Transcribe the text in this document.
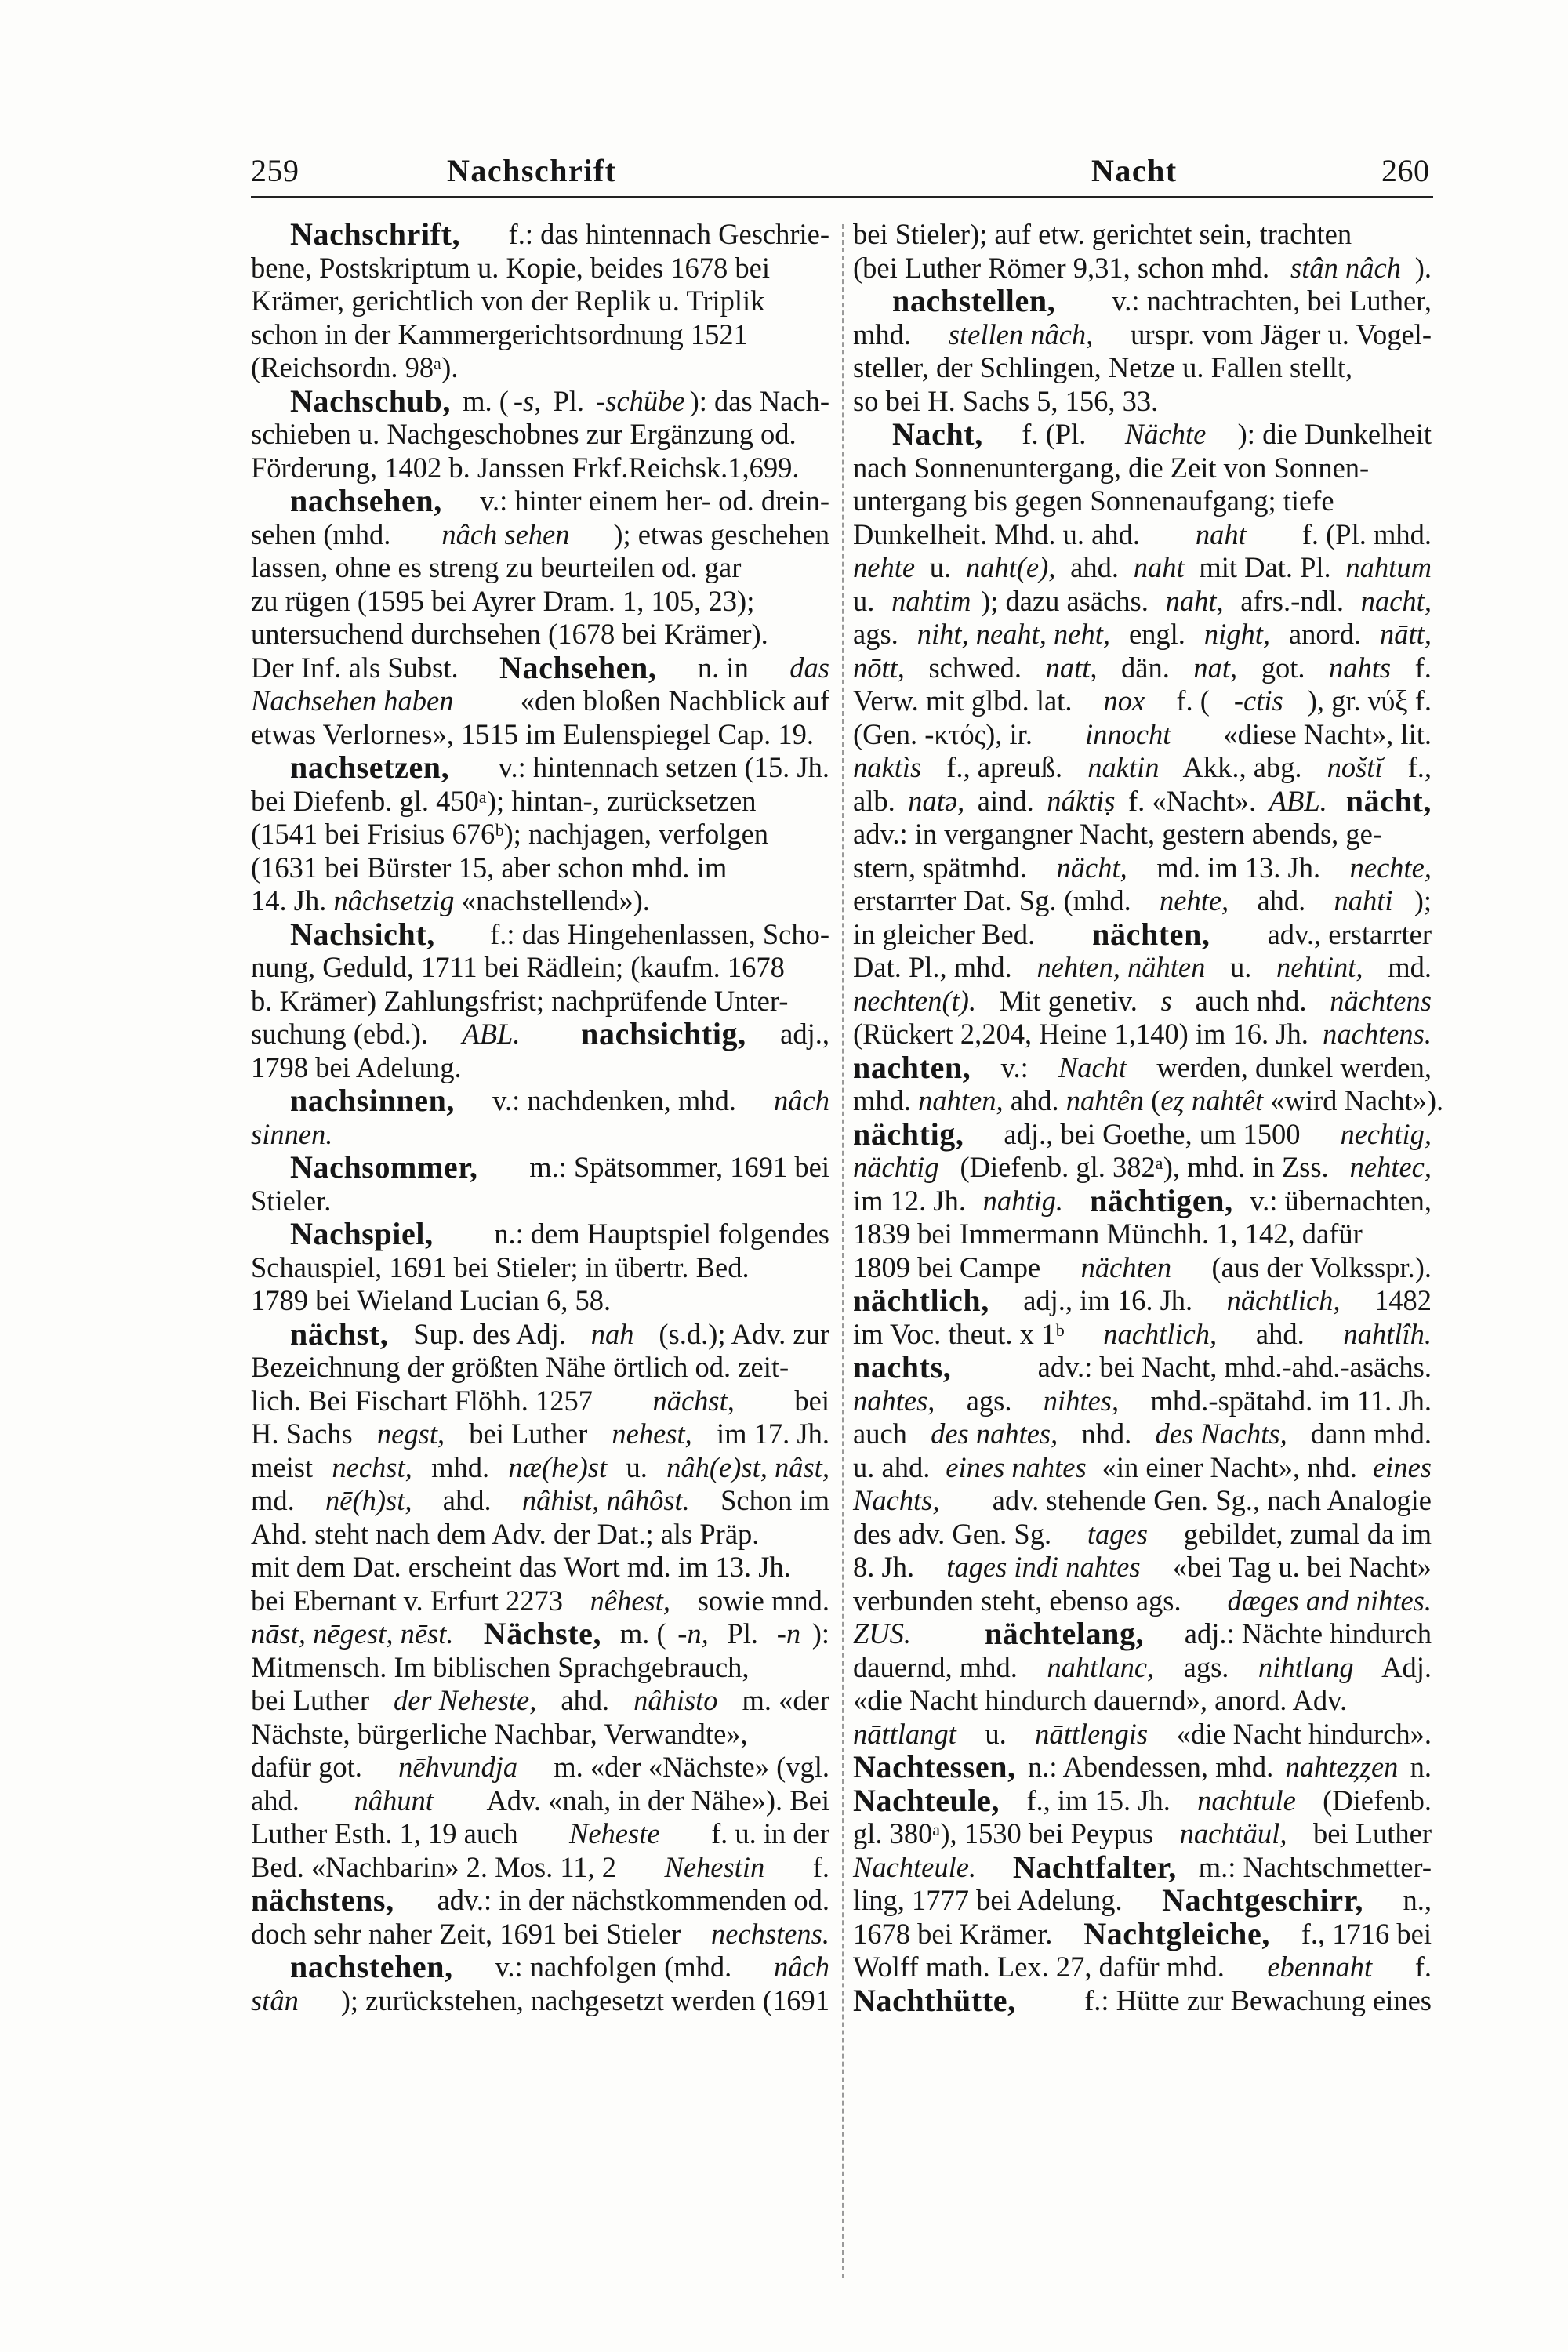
259	Nachschrift	Nacht	260
Nachschrift, f.: das hintennach Geschrie-
bene, Postskriptum u. Kopie, beides 1678 bei
Krämer, gerichtlich von der Replik u. Triplik
schon in der Kammergerichtsordnung 1521
(Reichsordn. 98ᵃ).
Nachschub, m. ( -s, Pl. -schübe ): das Nach-
schieben u. Nachgeschobnes zur Ergänzung od.
Förderung, 1402 b. Janssen Frkf.Reichsk.1,699.
nachsehen, v.: hinter einem her- od. drein-
sehen (mhd. nâch sehen ); etwas geschehen
lassen, ohne es streng zu beurteilen od. gar
zu rügen (1595 bei Ayrer Dram. 1, 105, 23);
untersuchend durchsehen (1678 bei Krämer).
Der Inf. als Subst. Nachsehen, n. in das
Nachsehen haben «den bloßen Nachblick auf
etwas Verlornes», 1515 im Eulenspiegel Cap. 19.
nachsetzen, v.: hintennach setzen (15. Jh.
bei Diefenb. gl. 450ᵃ); hintan-, zurücksetzen
(1541 bei Frisius 676ᵇ); nachjagen, verfolgen
(1631 bei Bürster 15, aber schon mhd. im
14. Jh. nâchsetzig «nachstellend»).
Nachsicht, f.: das Hingehenlassen, Scho-
nung, Geduld, 1711 bei Rädlein; (kaufm. 1678
b. Krämer) Zahlungsfrist; nachprüfende Unter-
suchung (ebd.). ABL.
nachsichtig, adj.,
1798 bei Adelung.
nachsinnen, v.: nachdenken, mhd. nâch
sinnen.
Nachsommer, m.: Spätsommer, 1691 bei
Stieler.
Nachspiel, n.: dem Hauptspiel folgendes
Schauspiel, 1691 bei Stieler; in übertr. Bed.
1789 bei Wieland Lucian 6, 58.
nächst, Sup. des Adj. nah (s.d.); Adv. zur
Bezeichnung der größten Nähe örtlich od. zeit-
lich. Bei Fischart Flöhh. 1257 nächst, bei
H. Sachs negst, bei Luther nehest, im 17. Jh.
meist nechst, mhd. næ(he)st u. nâh(e)st, nâst,
md. nē(h)st, ahd. nâhist, nâhôst. Schon im
Ahd. steht nach dem Adv. der Dat.; als Präp.
mit dem Dat. erscheint das Wort md. im 13. Jh.
bei Ebernant v. Erfurt 2273 nêhest, sowie mnd.
nāst, nēgest, nēst.
Nächste, m. ( -n, Pl. -n ):
Mitmensch. Im biblischen Sprachgebrauch,
bei Luther der Neheste, ahd. nâhisto m. «der
Nächste, bürgerliche Nachbar, Verwandte»,
dafür got. nēhvundja m. «der «Nächste» (vgl.
ahd. nâhunt Adv. «nah, in der Nähe»). Bei
Luther Esth. 1, 19 auch Neheste f. u. in der
Bed. «Nachbarin» 2. Mos. 11, 2 Nehestin f.
nächstens, adv.: in der nächstkommenden od.
doch sehr naher Zeit, 1691 bei Stieler nechstens.
nachstehen, v.: nachfolgen (mhd. nâch
stân ); zurückstehen, nachgesetzt werden (1691
bei Stieler); auf etw. gerichtet sein, trachten
(bei Luther Römer 9,31, schon mhd. stân nâch ).
nachstellen, v.: nachtrachten, bei Luther,
mhd. stellen nâch, urspr. vom Jäger u. Vogel-
steller, der Schlingen, Netze u. Fallen stellt,
so bei H. Sachs 5, 156, 33.
Nacht, f. (Pl. Nächte ): die Dunkelheit
nach Sonnenuntergang, die Zeit von Sonnen-
untergang bis gegen Sonnenaufgang; tiefe
Dunkelheit. Mhd. u. ahd. naht f. (Pl. mhd.
nehte u. naht(e), ahd. naht mit Dat. Pl. nahtum
u. nahtim ); dazu asächs. naht, afrs.-ndl. nacht,
ags. niht, neaht, neht, engl. night, anord. nātt,
nōtt, schwed. natt, dän. nat, got. nahts f.
Verw. mit glbd. lat. nox f. ( -ctis ), gr. νύξ f.
(Gen. -κτός), ir. innocht «diese Nacht», lit.
naktìs f., apreuß. naktin Akk., abg. noštĭ f.,
alb. natə, aind. náktiṣ f. «Nacht». ABL.
nächt,
adv.: in vergangner Nacht, gestern abends, ge-
stern, spätmhd. nächt, md. im 13. Jh. nechte,
erstarrter Dat. Sg. (mhd. nehte, ahd. nahti );
in gleicher Bed. nächten, adv., erstarrter
Dat. Pl., mhd. nehten, nähten u. nehtint, md.
nechten(t). Mit genetiv. s auch nhd. nächtens
(Rückert 2,204, Heine 1,140) im 16. Jh. nachtens.
nachten, v.: Nacht werden, dunkel werden,
mhd. nahten, ahd. nahtên ( eȥ nahtêt «wird Nacht»).
nächtig, adj., bei Goethe, um 1500 nechtig,
nächtig (Diefenb. gl. 382ᵃ), mhd. in Zss. nehtec,
im 12. Jh. nahtig.
nächtigen, v.: übernachten,
1839 bei Immermann Münchh. 1, 142, dafür
1809 bei Campe nächten (aus der Volksspr.).
nächtlich, adj., im 16. Jh. nächtlich, 1482
im Voc. theut. x 1ᵇ nachtlich, ahd. nahtlîh.
nachts,	adv.: bei Nacht, mhd.-ahd.-asächs.
nahtes, ags. nihtes, mhd.-spätahd. im 11. Jh.
auch des nahtes, nhd. des Nachts, dann mhd.
u. ahd. eines nahtes «in einer Nacht», nhd. eines
Nachts, adv. stehende Gen. Sg., nach Analogie
des adv. Gen. Sg. tages gebildet, zumal da im
8. Jh. tages indi nahtes «bei Tag u. bei Nacht»
verbunden steht, ebenso ags. dæges and nihtes.
ZUS.
nächtelang, adj.: Nächte hindurch
dauernd, mhd. nahtlanc, ags. nihtlang Adj.
«die Nacht hindurch dauernd», anord. Adv.
nāttlangt u. nāttlengis «die Nacht hindurch».
Nachtessen, n.: Abendessen, mhd. nahteȥȥen n.
Nachteule, f., im 15. Jh. nachtule (Diefenb.
gl. 380ᵃ), 1530 bei Peypus nachtäul, bei Luther
Nachteule.
Nachtfalter, m.: Nachtschmetter-
ling, 1777 bei Adelung. Nachtgeschirr, n.,
1678 bei Krämer. Nachtgleiche, f., 1716 bei
Wolff math. Lex. 27, dafür mhd. ebennaht f.
Nachthütte, f.: Hütte zur Bewachung eines
